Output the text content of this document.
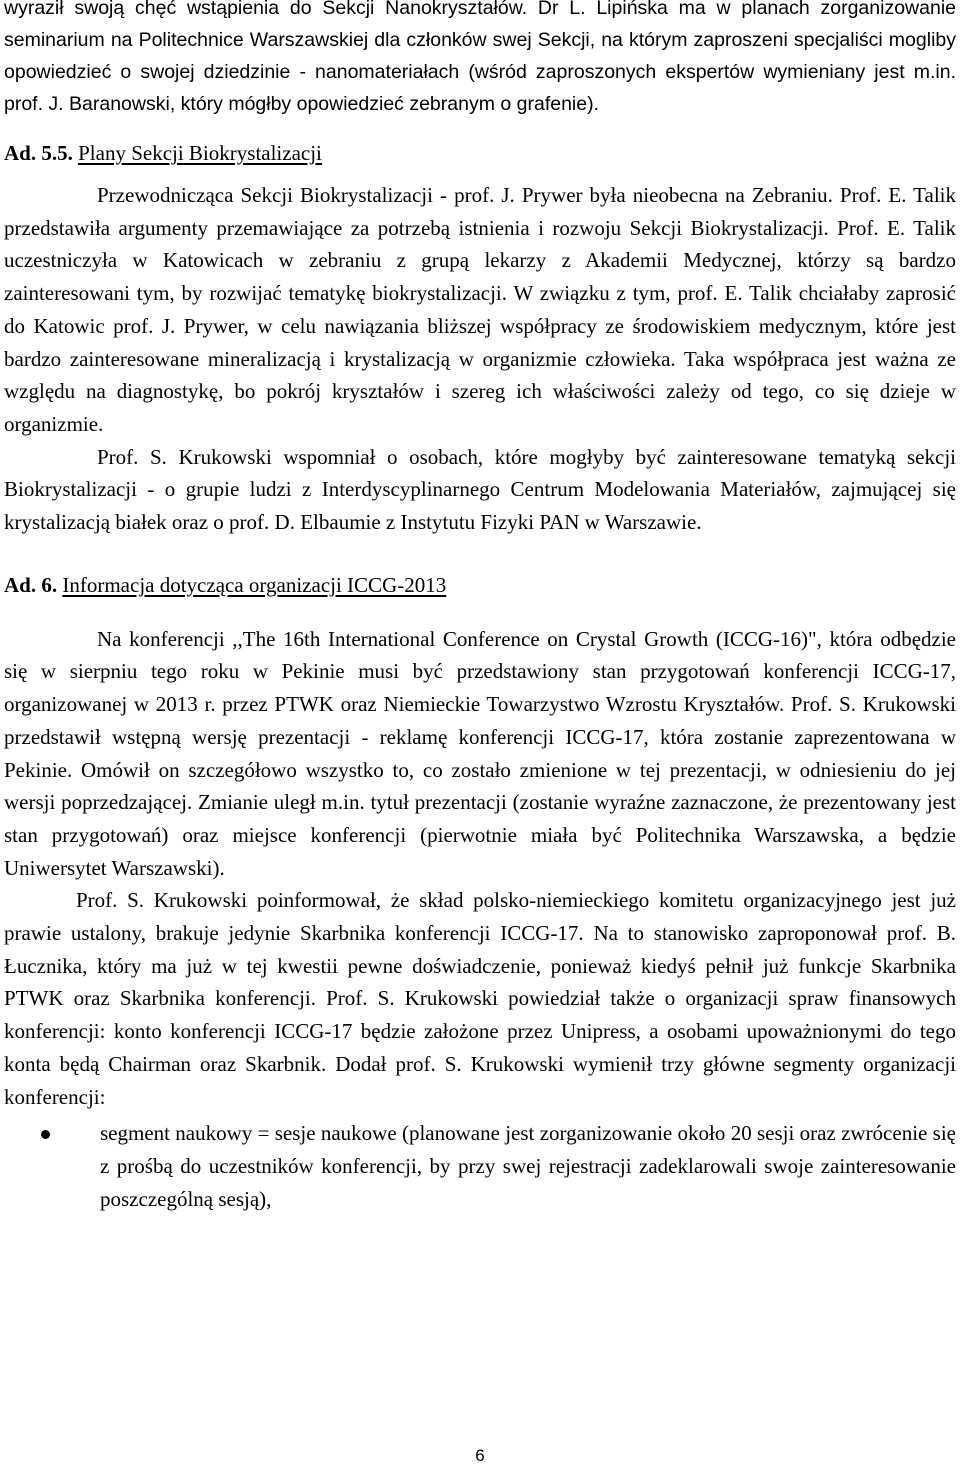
wyraził swoją chęć wstąpienia do Sekcji Nanokryształów. Dr L. Lipińska ma w planach zorganizowanie seminarium na Politechnice Warszawskiej dla członków swej Sekcji, na którym zaproszeni specjaliści mogliby opowiedzieć o swojej dziedzinie - nanomateriałach (wśród zaproszonych ekspertów wymieniany jest m.in. prof. J. Baranowski, który mógłby opowiedzieć zebranym o grafenie).

Ad. 5.5. Plany Sekcji Biokrystalizacji

Przewodnicząca Sekcji Biokrystalizacji - prof. J. Prywer była nieobecna na Zebraniu. Prof. E. Talik przedstawiła argumenty przemawiające za potrzebą istnienia i rozwoju Sekcji Biokrystalizacji. Prof. E. Talik uczestniczyła w Katowicach w zebraniu z grupą lekarzy z Akademii Medycznej, którzy są bardzo zainteresowani tym, by rozwijać tematykę biokrystalizacji. W związku z tym, prof. E. Talik chciałaby zaprosić do Katowic prof. J. Prywer, w celu nawiązania bliższej współpracy ze środowiskiem medycznym, które jest bardzo zainteresowane mineralizacją i krystalizacją w organizmie człowieka. Taka współpraca jest ważna ze względu na diagnostykę, bo pokrój kryształów i szereg ich właściwości zależy od tego, co się dzieje w organizmie.

Prof. S. Krukowski wspomniał o osobach, które mogłyby być zainteresowane tematyką sekcji Biokrystalizacji - o grupie ludzi z Interdyscyplinarnego Centrum Modelowania Materiałów, zajmującej się krystalizacją białek oraz o prof. D. Elbaumie z Instytutu Fizyki PAN w Warszawie.

Ad. 6. Informacja dotycząca organizacji ICCG-2013

Na konferencji ,,The 16th International Conference on Crystal Growth (ICCG-16)", która odbędzie się w sierpniu tego roku w Pekinie musi być przedstawiony stan przygotowań konferencji ICCG-17, organizowanej w 2013 r. przez PTWK oraz Niemieckie Towarzystwo Wzrostu Kryształów. Prof. S. Krukowski przedstawił wstępną wersję prezentacji - reklamę konferencji ICCG-17, która zostanie zaprezentowana w Pekinie. Omówił on szczegółowo wszystko to, co zostało zmienione w tej prezentacji, w odniesieniu do jej wersji poprzedzającej. Zmianie uległ m.in. tytuł prezentacji (zostanie wyraźne zaznaczone, że prezentowany jest stan przygotowań) oraz miejsce konferencji (pierwotnie miała być Politechnika Warszawska, a będzie Uniwersytet Warszawski).

Prof. S. Krukowski poinformował, że skład polsko-niemieckiego komitetu organizacyjnego jest już prawie ustalony, brakuje jedynie Skarbnika konferencji ICCG-17. Na to stanowisko zaproponował prof. B. Łucznika, który ma już w tej kwestii pewne doświadczenie, ponieważ kiedyś pełnił już funkcje Skarbnika PTWK oraz Skarbnika konferencji. Prof. S. Krukowski powiedział także o organizacji spraw finansowych konferencji: konto konferencji ICCG-17 będzie założone przez Unipress, a osobami upoważnionymi do tego konta będą Chairman oraz Skarbnik. Dodał prof. S. Krukowski wymienił trzy główne segmenty organizacji konferencji:

segment naukowy = sesje naukowe (planowane jest zorganizowanie około 20 sesji oraz zwrócenie się z prośbą do uczestników konferencji, by przy swej rejestracji zadeklarowali swoje zainteresowanie poszczególną sesją),
6
